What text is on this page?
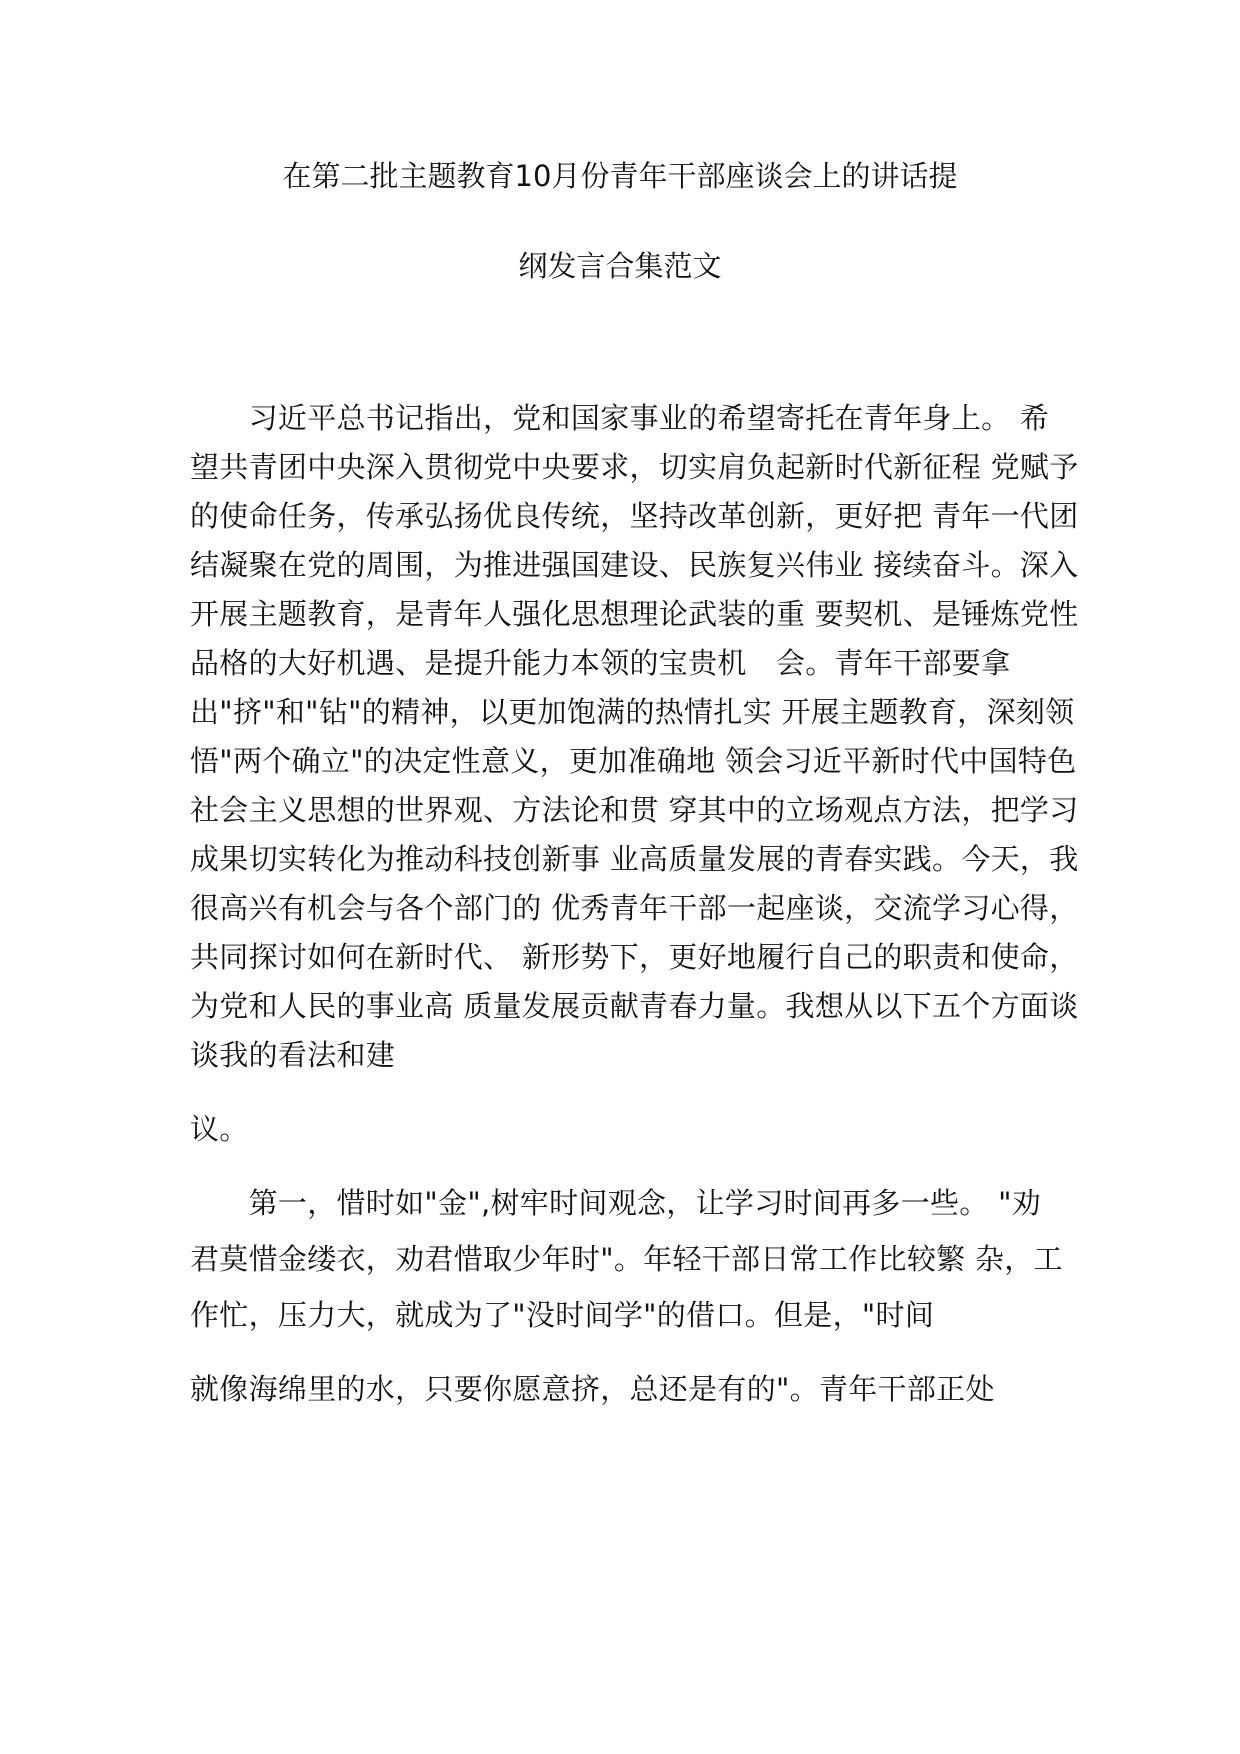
在第二批主题教育10月份青年干部座谈会上的讲话提
纲发言合集范文
　　习近平总书记指出，党和国家事业的希望寄托在青年身上。 希
望共青团中央深入贯彻党中央要求，切实肩负起新时代新征程 党赋予
的使命任务，传承弘扬优良传统，坚持改革创新，更好把 青年一代团
结凝聚在党的周围，为推进强国建设、民族复兴伟业 接续奋斗。深入
开展主题教育，是青年人强化思想理论武装的重 要契机、是锤炼党性
品格的大好机遇、是提升能力本领的宝贵机　会。青年干部要拿
出"挤"和"钻"的精神，以更加饱满的热情扎实 开展主题教育，深刻领
悟"两个确立"的决定性意义，更加准确地 领会习近平新时代中国特色
社会主义思想的世界观、方法论和贯 穿其中的立场观点方法，把学习
成果切实转化为推动科技创新事 业高质量发展的青春实践。今天，我
很高兴有机会与各个部门的 优秀青年干部一起座谈，交流学习心得，
共同探讨如何在新时代、 新形势下，更好地履行自己的职责和使命，
为党和人民的事业高 质量发展贡献青春力量。我想从以下五个方面谈
谈我的看法和建
议。
　　第一，惜时如"金",树牢时间观念，让学习时间再多一些。 "劝
君莫惜金缕衣，劝君惜取少年时"。年轻干部日常工作比较繁 杂，工
作忙，压力大，就成为了"没时间学"的借口。但是，"时间
就像海绵里的水，只要你愿意挤，总还是有的"。青年干部正处
